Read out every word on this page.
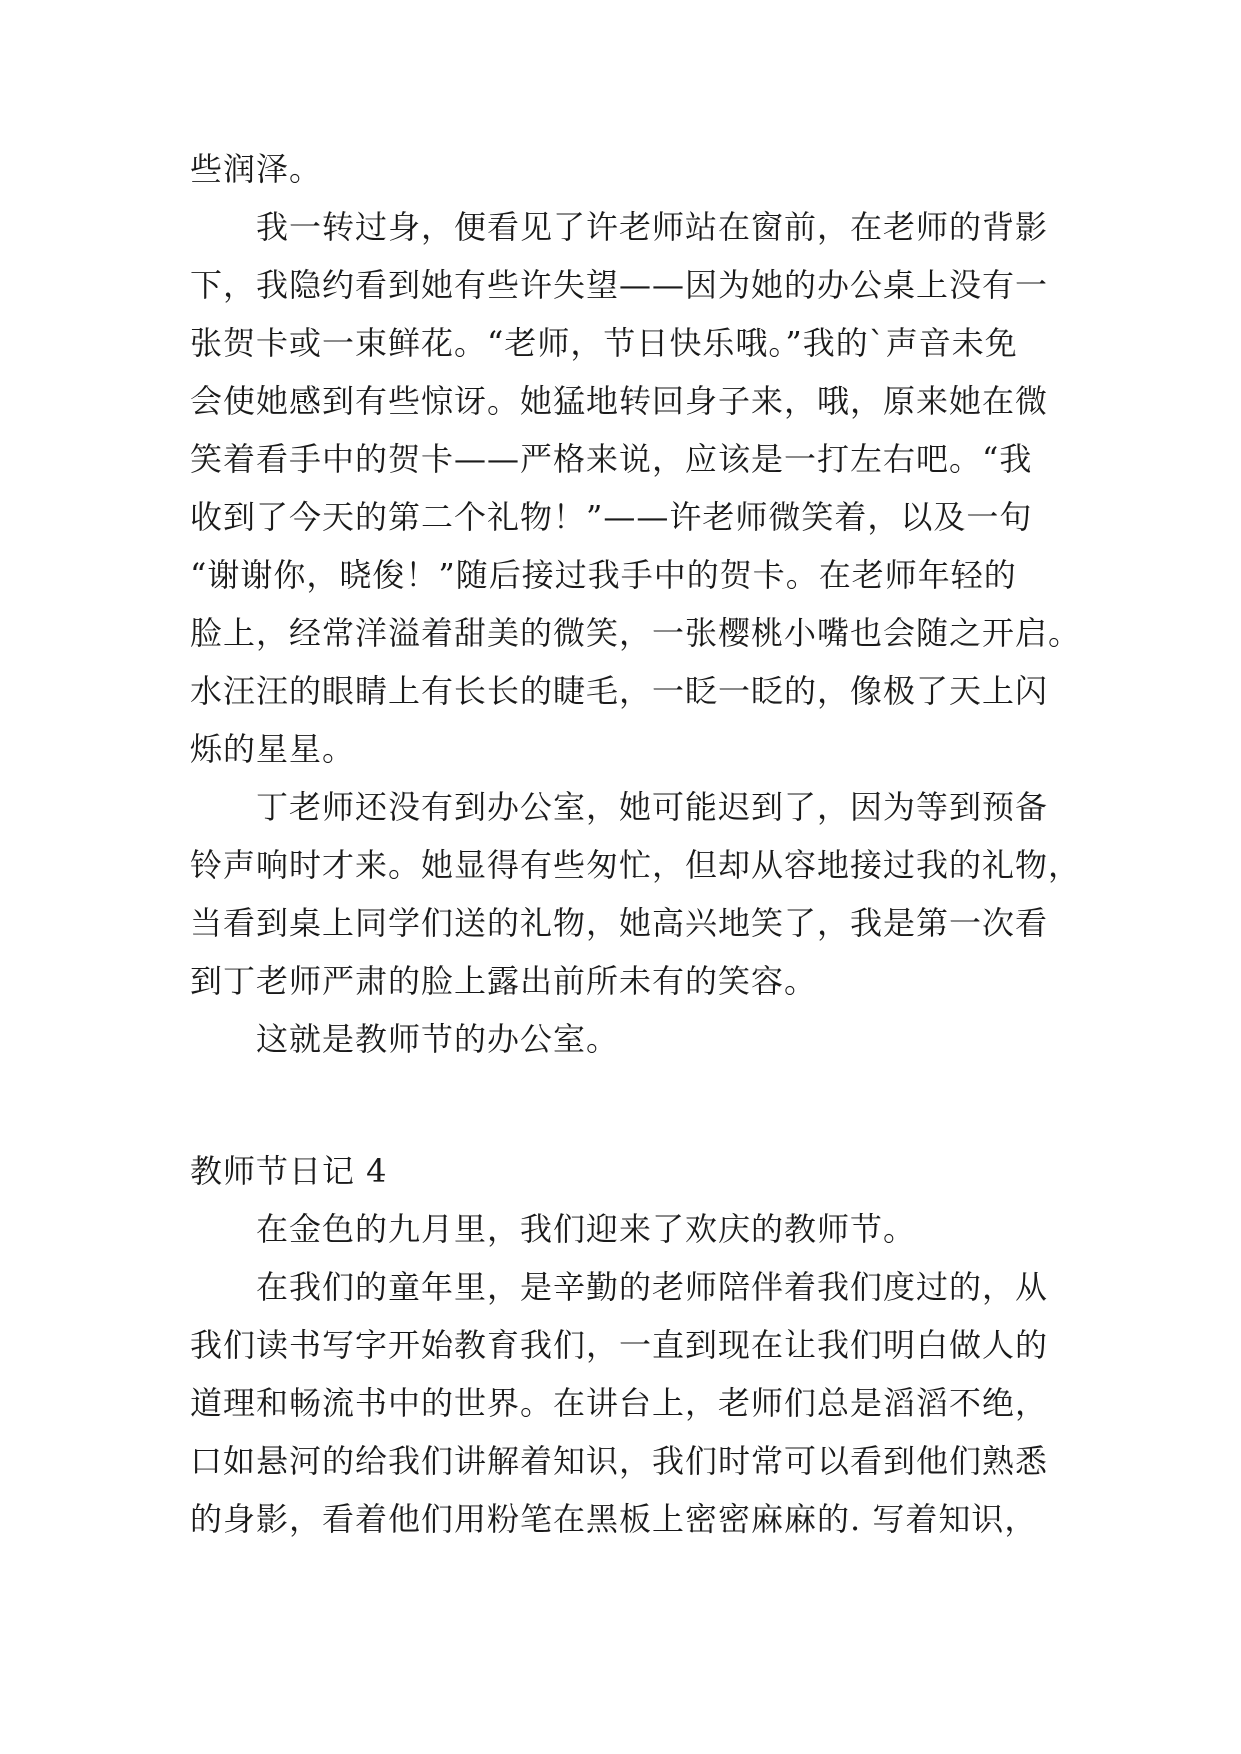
些润泽。
我一转过身，便看见了许老师站在窗前，在老师的背影
下，我隐约看到她有些许失望——因为她的办公桌上没有一
张贺卡或一束鲜花。“老师，节日快乐哦。”我的`声音未免
会使她感到有些惊讶。她猛地转回身子来，哦，原来她在微
笑着看手中的贺卡——严格来说，应该是一打左右吧。“我
收到了今天的第二个礼物！”——许老师微笑着，以及一句
“谢谢你，晓俊！”随后接过我手中的贺卡。在老师年轻的
脸上，经常洋溢着甜美的微笑，一张樱桃小嘴也会随之开启。
水汪汪的眼睛上有长长的睫毛，一眨一眨的，像极了天上闪
烁的星星。
丁老师还没有到办公室，她可能迟到了，因为等到预备
铃声响时才来。她显得有些匆忙，但却从容地接过我的礼物，
当看到桌上同学们送的礼物，她高兴地笑了，我是第一次看
到丁老师严肃的脸上露出前所未有的笑容。
这就是教师节的办公室。
教师节日记 4
在金色的九月里，我们迎来了欢庆的教师节。
在我们的童年里，是辛勤的老师陪伴着我们度过的，从
我们读书写字开始教育我们，一直到现在让我们明白做人的
道理和畅流书中的世界。在讲台上，老师们总是滔滔不绝，
口如悬河的给我们讲解着知识，我们时常可以看到他们熟悉
的身影，看着他们用粉笔在黑板上密密麻麻的. 写着知识，
